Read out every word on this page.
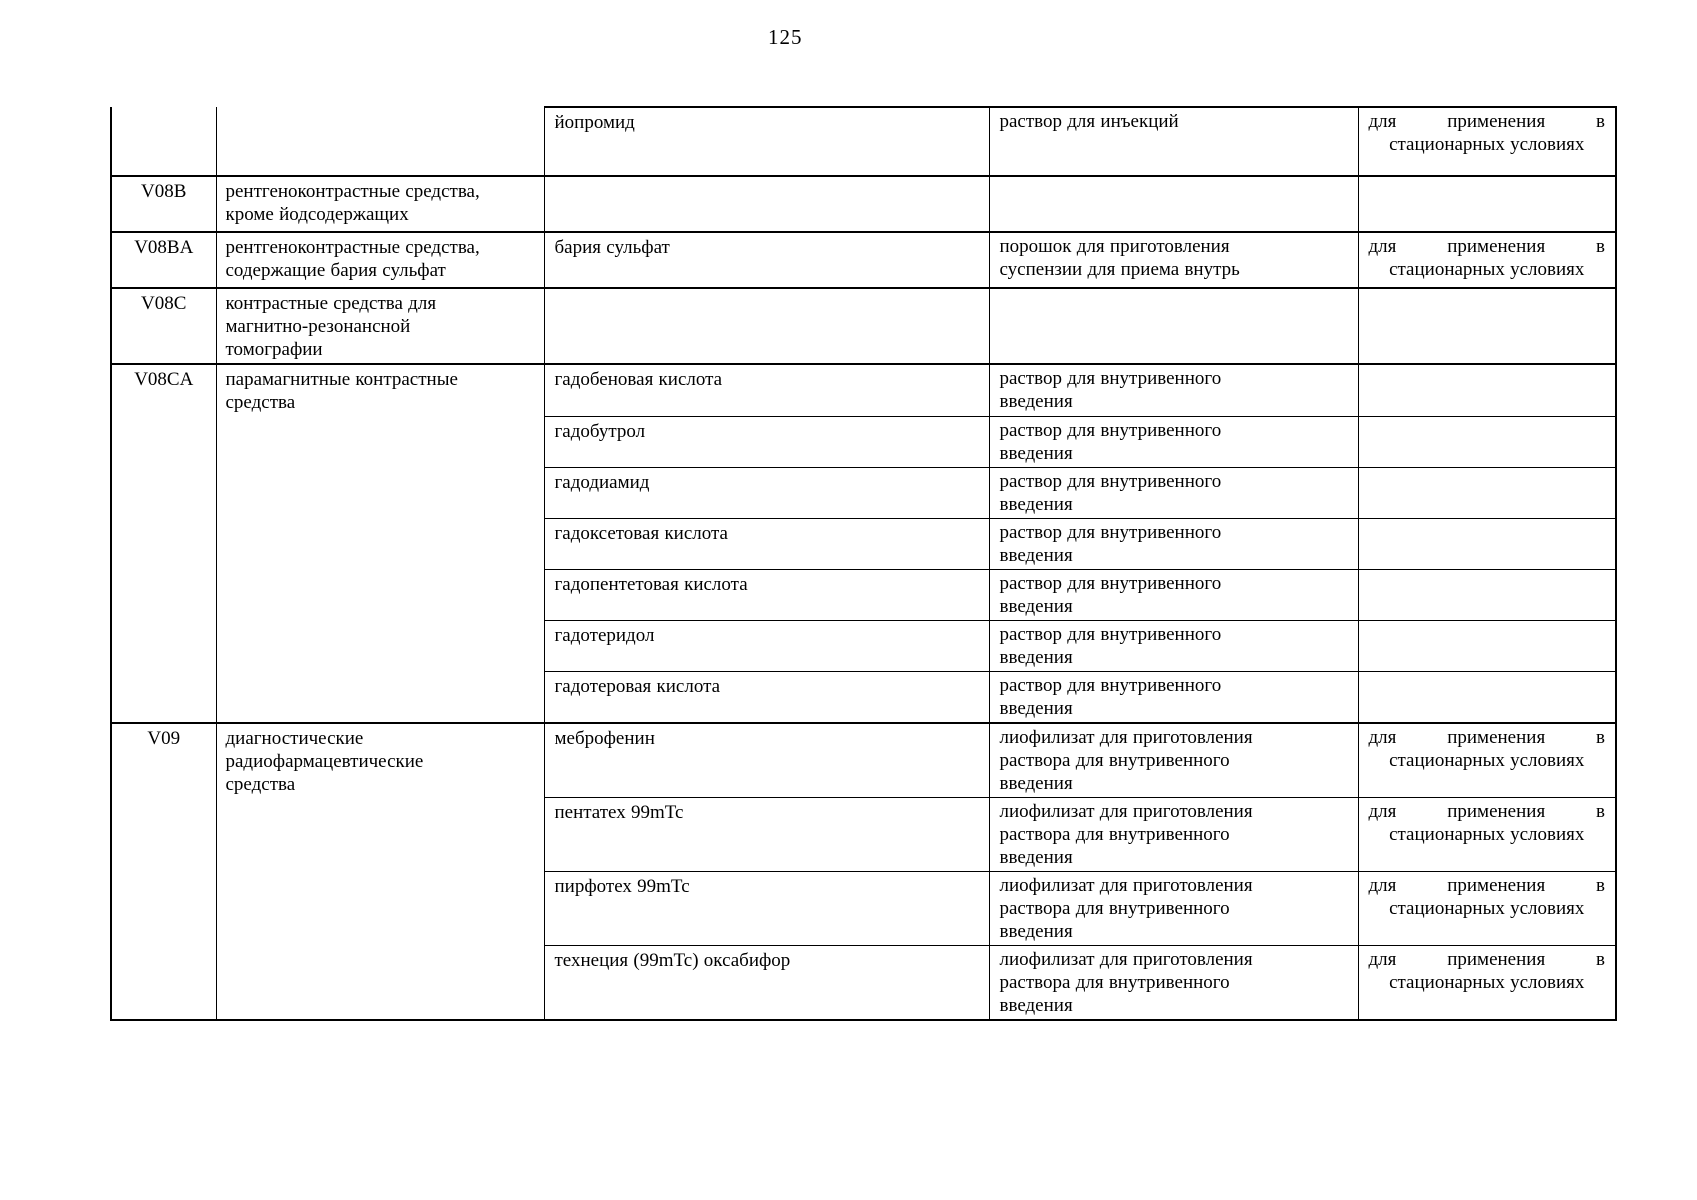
125
		йопромид	раствор для инъекций	для применения в стационарных условиях
V08B	рентгеноконтрастные средства, кроме йодсодержащих			
V08BA	рентгеноконтрастные средства, содержащие бария сульфат	бария сульфат	порошок для приготовления суспензии для приема внутрь	для применения в стационарных условиях
V08C	контрастные средства для магнитно-резонансной томографии			
V08CA	парамагнитные контрастные средства	гадобеновая кислота	раствор для внутривенного введения	
		гадобутрол	раствор для внутривенного введения	
		гадодиамид	раствор для внутривенного введения	
		гадоксетовая кислота	раствор для внутривенного введения	
		гадопентетовая кислота	раствор для внутривенного введения	
		гадотеридол	раствор для внутривенного введения	
		гадотеровая кислота	раствор для внутривенного введения	
V09	диагностические радиофармацевтические средства	меброфенин	лиофилизат для приготовления раствора для внутривенного введения	для применения в стационарных условиях
		пентатех 99mTc	лиофилизат для приготовления раствора для внутривенного введения	для применения в стационарных условиях
		пирфотех 99mTc	лиофилизат для приготовления раствора для внутривенного введения	для применения в стационарных условиях
		технеция (99mTc) оксабифор	лиофилизат для приготовления раствора для внутривенного введения	для применения в стационарных условиях
